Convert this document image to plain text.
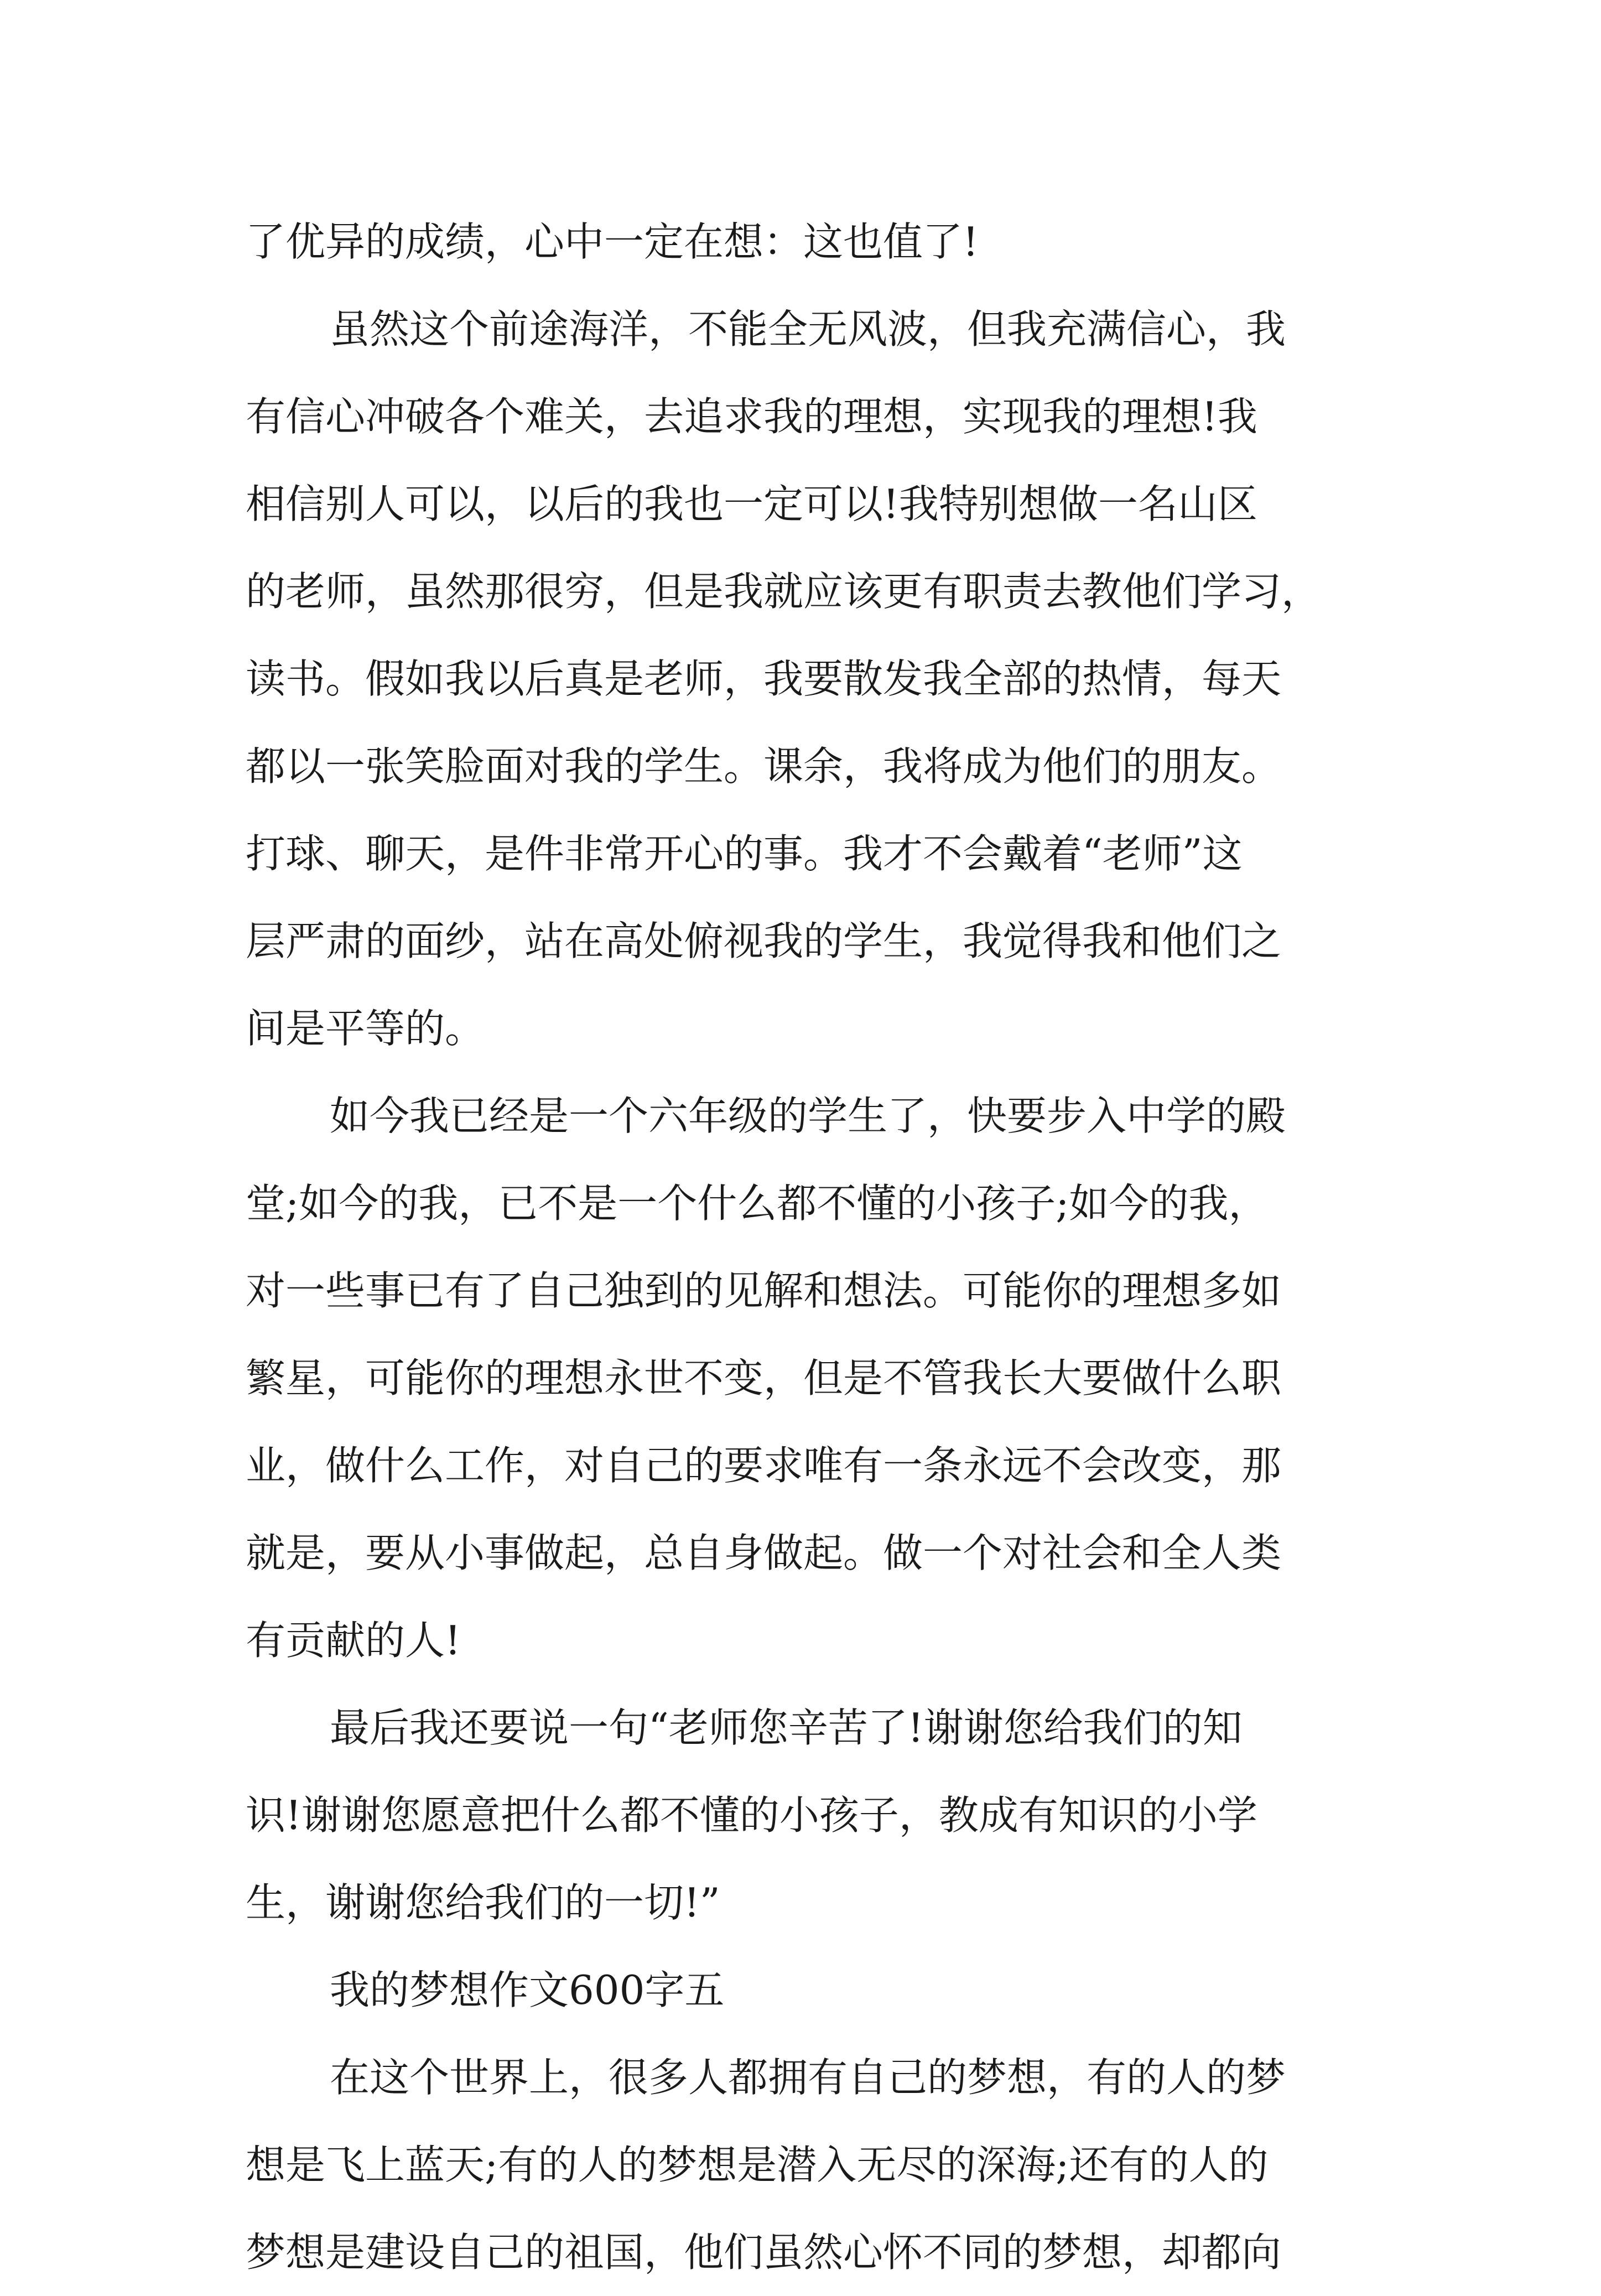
了优异的成绩，心中一定在想：这也值了!
虽然这个前途海洋，不能全无风波，但我充满信心，我
有信心冲破各个难关，去追求我的理想，实现我的理想!我
相信别人可以，以后的我也一定可以!我特别想做一名山区
的老师，虽然那很穷，但是我就应该更有职责去教他们学习，
读书。假如我以后真是老师，我要散发我全部的热情，每天
都以一张笑脸面对我的学生。课余，我将成为他们的朋友。
打球、聊天，是件非常开心的事。我才不会戴着“老师”这
层严肃的面纱，站在高处俯视我的学生，我觉得我和他们之
间是平等的。
如今我已经是一个六年级的学生了，快要步入中学的殿
堂;如今的我，已不是一个什么都不懂的小孩子;如今的我，
对一些事已有了自己独到的见解和想法。可能你的理想多如
繁星，可能你的理想永世不变，但是不管我长大要做什么职
业，做什么工作，对自己的要求唯有一条永远不会改变，那
就是，要从小事做起，总自身做起。做一个对社会和全人类
有贡献的人!
最后我还要说一句“老师您辛苦了!谢谢您给我们的知
识!谢谢您愿意把什么都不懂的小孩子，教成有知识的小学
生，谢谢您给我们的一切!”
我的梦想作文600字五
在这个世界上，很多人都拥有自己的梦想，有的人的梦
想是飞上蓝天;有的人的梦想是潜入无尽的深海;还有的人的
梦想是建设自己的祖国，他们虽然心怀不同的梦想，却都向
